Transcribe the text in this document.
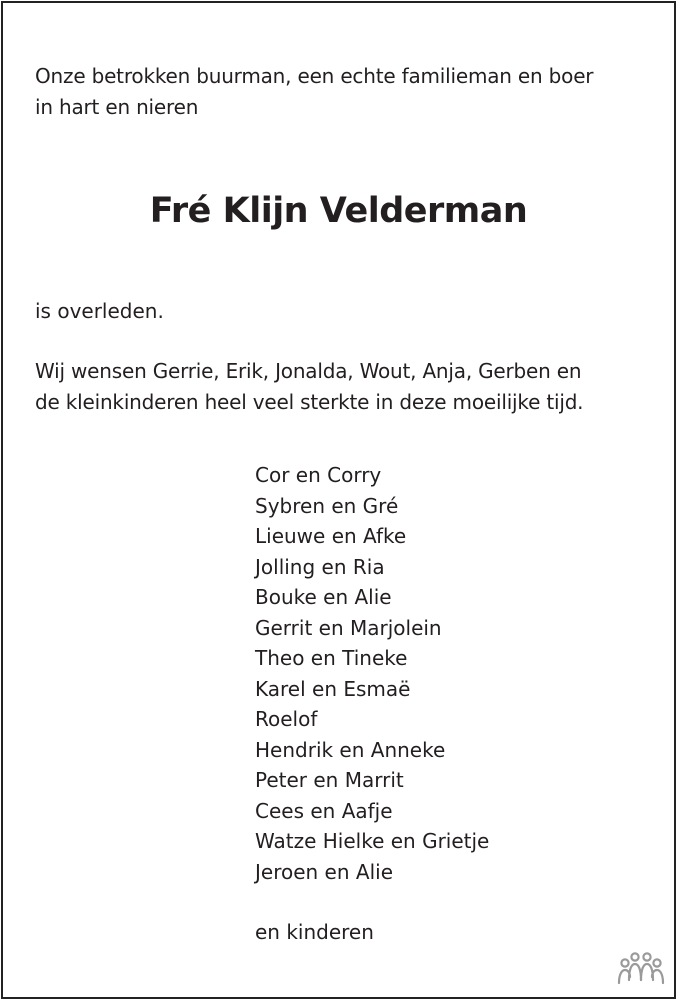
Onze betrokken buurman, een echte familieman en boer
in hart en nieren

Fré Klijn Velderman

is overleden.

Wij wensen Gerrie, Erik, Jonalda, Wout, Anja, Gerben en
de kleinkinderen heel veel sterkte in deze moeilijke tijd.

Cor en Corry
Sybren en Gré
Lieuwe en Afke
Jolling en Ria
Bouke en Alie
Gerrit en Marjolein
Theo en Tineke
Karel en Esmaë
Roelof
Hendrik en Anneke
Peter en Marrit
Cees en Aafje
Watze Hielke en Grietje
Jeroen en Alie

en kinderen
